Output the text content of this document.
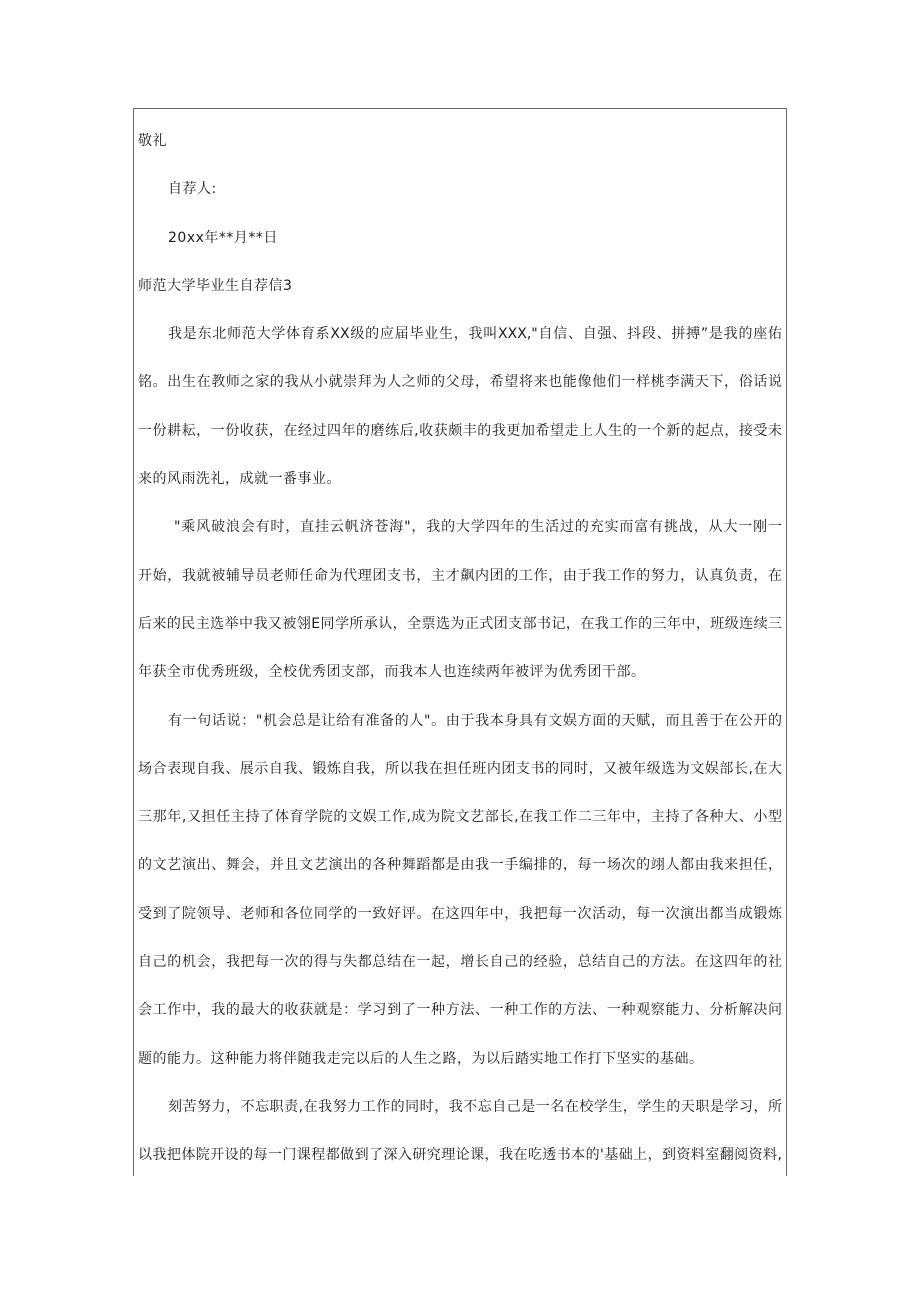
敬礼
自荐人:
20xx年**月**日
师范大学毕业生自荐信3
我是东北师范大学体育系XX级的应届毕业生，我叫XXX,"自信、自强、抖段、拼搏”是我的座佑
铭。出生在教师之家的我从小就崇拜为人之师的父母，希望将来也能像他们一样桃李满天下，俗话说
一份耕耘，一份收获，在经过四年的磨练后,收获颇丰的我更加希望走上人生的一个新的起点，接受未
来的风雨洗礼，成就一番事业。
"乘风破浪会有时，直挂云帆济苍海"，我的大学四年的生活过的充实而富有挑战，从大一刚一
开始，我就被辅导员老师任命为代理团支书，主才飙内团的工作，由于我工作的努力，认真负责，在
后来的民主选举中我又被翎E同学所承认，全票选为正式团支部书记，在我工作的三年中，班级连续三
年获全市优秀班级，全校优秀团支部，而我本人也连续两年被评为优秀团干部。
有一句话说："机会总是让给有准备的人"。由于我本身具有文娱方面的天赋，而且善于在公开的
场合表现自我、展示自我、锻炼自我，所以我在担任班内团支书的同时，又被年级选为文娱部长,在大
三那年,又担任主持了体育学院的文娱工作,成为院文艺部长,在我工作二三年中，主持了各种大、小型
的文艺演出、舞会，并且文艺演出的各种舞蹈都是由我一手编排的，每一场次的翊人都由我来担任，
受到了院领导、老师和各位同学的一致好评。在这四年中，我把每一次活动，每一次演出都当成锻炼
自己的机会，我把每一次的得与失都总结在一起，增长自己的经验，总结自己的方法。在这四年的社
会工作中，我的最大的收获就是：学习到了一种方法、一种工作的方法、一种观察能力、分析解决问
题的能力。这种能力将伴随我走完以后的人生之路，为以后踏实地工作打下坚实的基础。
刻苦努力，不忘职责,在我努力工作的同时，我不忘自己是一名在校学生，学生的天职是学习，所
以我把体院开设的每一门课程都做到了深入研究理论课，我在吃透书本的'基础上，到资料室翻阅资料,
